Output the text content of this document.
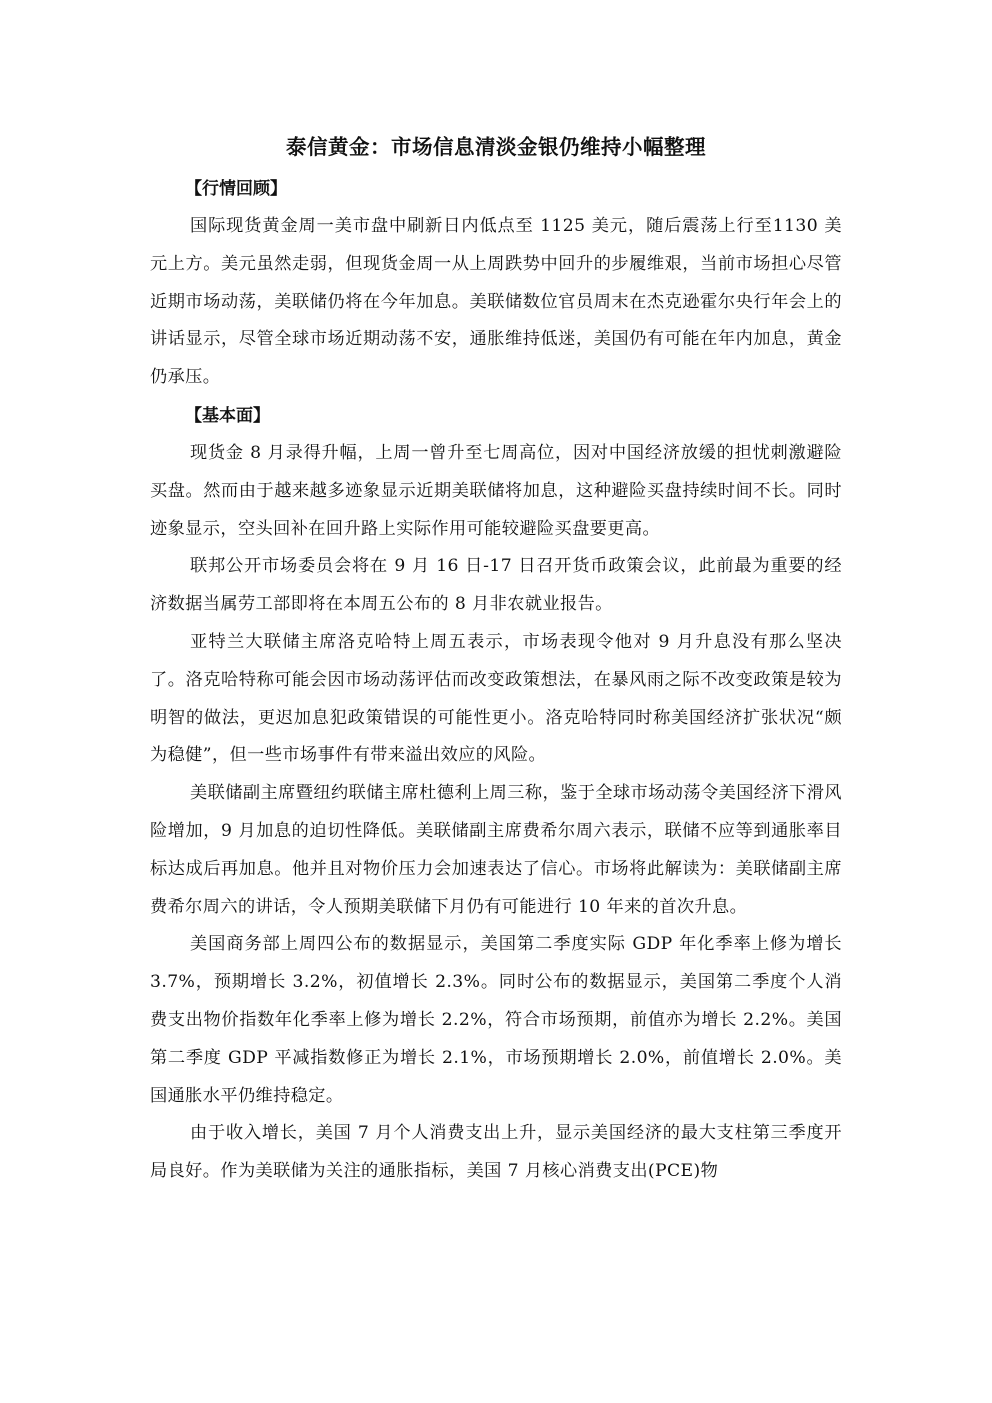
泰信黄金：市场信息清淡金银仍维持小幅整理
【行情回顾】

国际现货黄金周一美市盘中刷新日内低点至 1125 美元，随后震荡上行至1130 美元上方。美元虽然走弱，但现货金周一从上周跌势中回升的步履维艰，当前市场担心尽管近期市场动荡，美联储仍将在今年加息。美联储数位官员周末在杰克逊霍尔央行年会上的讲话显示，尽管全球市场近期动荡不安，通胀维持低迷，美国仍有可能在年内加息，黄金仍承压。

【基本面】

现货金 8 月录得升幅，上周一曾升至七周高位，因对中国经济放缓的担忧刺激避险买盘。然而由于越来越多迹象显示近期美联储将加息，这种避险买盘持续时间不长。同时迹象显示，空头回补在回升路上实际作用可能较避险买盘要更高。

联邦公开市场委员会将在 9 月 16 日-17 日召开货币政策会议，此前最为重要的经济数据当属劳工部即将在本周五公布的 8 月非农就业报告。

亚特兰大联储主席洛克哈特上周五表示，市场表现令他对 9 月升息没有那么坚决了。洛克哈特称可能会因市场动荡评估而改变政策想法，在暴风雨之际不改变政策是较为明智的做法，更迟加息犯政策错误的可能性更小。洛克哈特同时称美国经济扩张状况“颇为稳健”，但一些市场事件有带来溢出效应的风险。

美联储副主席暨纽约联储主席杜德利上周三称，鉴于全球市场动荡令美国经济下滑风险增加，9 月加息的迫切性降低。美联储副主席费希尔周六表示，联储不应等到通胀率目标达成后再加息。他并且对物价压力会加速表达了信心。市场将此解读为：美联储副主席费希尔周六的讲话，令人预期美联储下月仍有可能进行 10 年来的首次升息。

美国商务部上周四公布的数据显示，美国第二季度实际 GDP 年化季率上修为增长 3.7%，预期增长 3.2%，初值增长 2.3%。同时公布的数据显示，美国第二季度个人消费支出物价指数年化季率上修为增长 2.2%，符合市场预期，前值亦为增长 2.2%。美国第二季度 GDP 平减指数修正为增长 2.1%，市场预期增长 2.0%，前值增长 2.0%。美国通胀水平仍维持稳定。

由于收入增长，美国 7 月个人消费支出上升，显示美国经济的最大支柱第三季度开局良好。作为美联储为关注的通胀指标，美国 7 月核心消费支出(PCE)物
